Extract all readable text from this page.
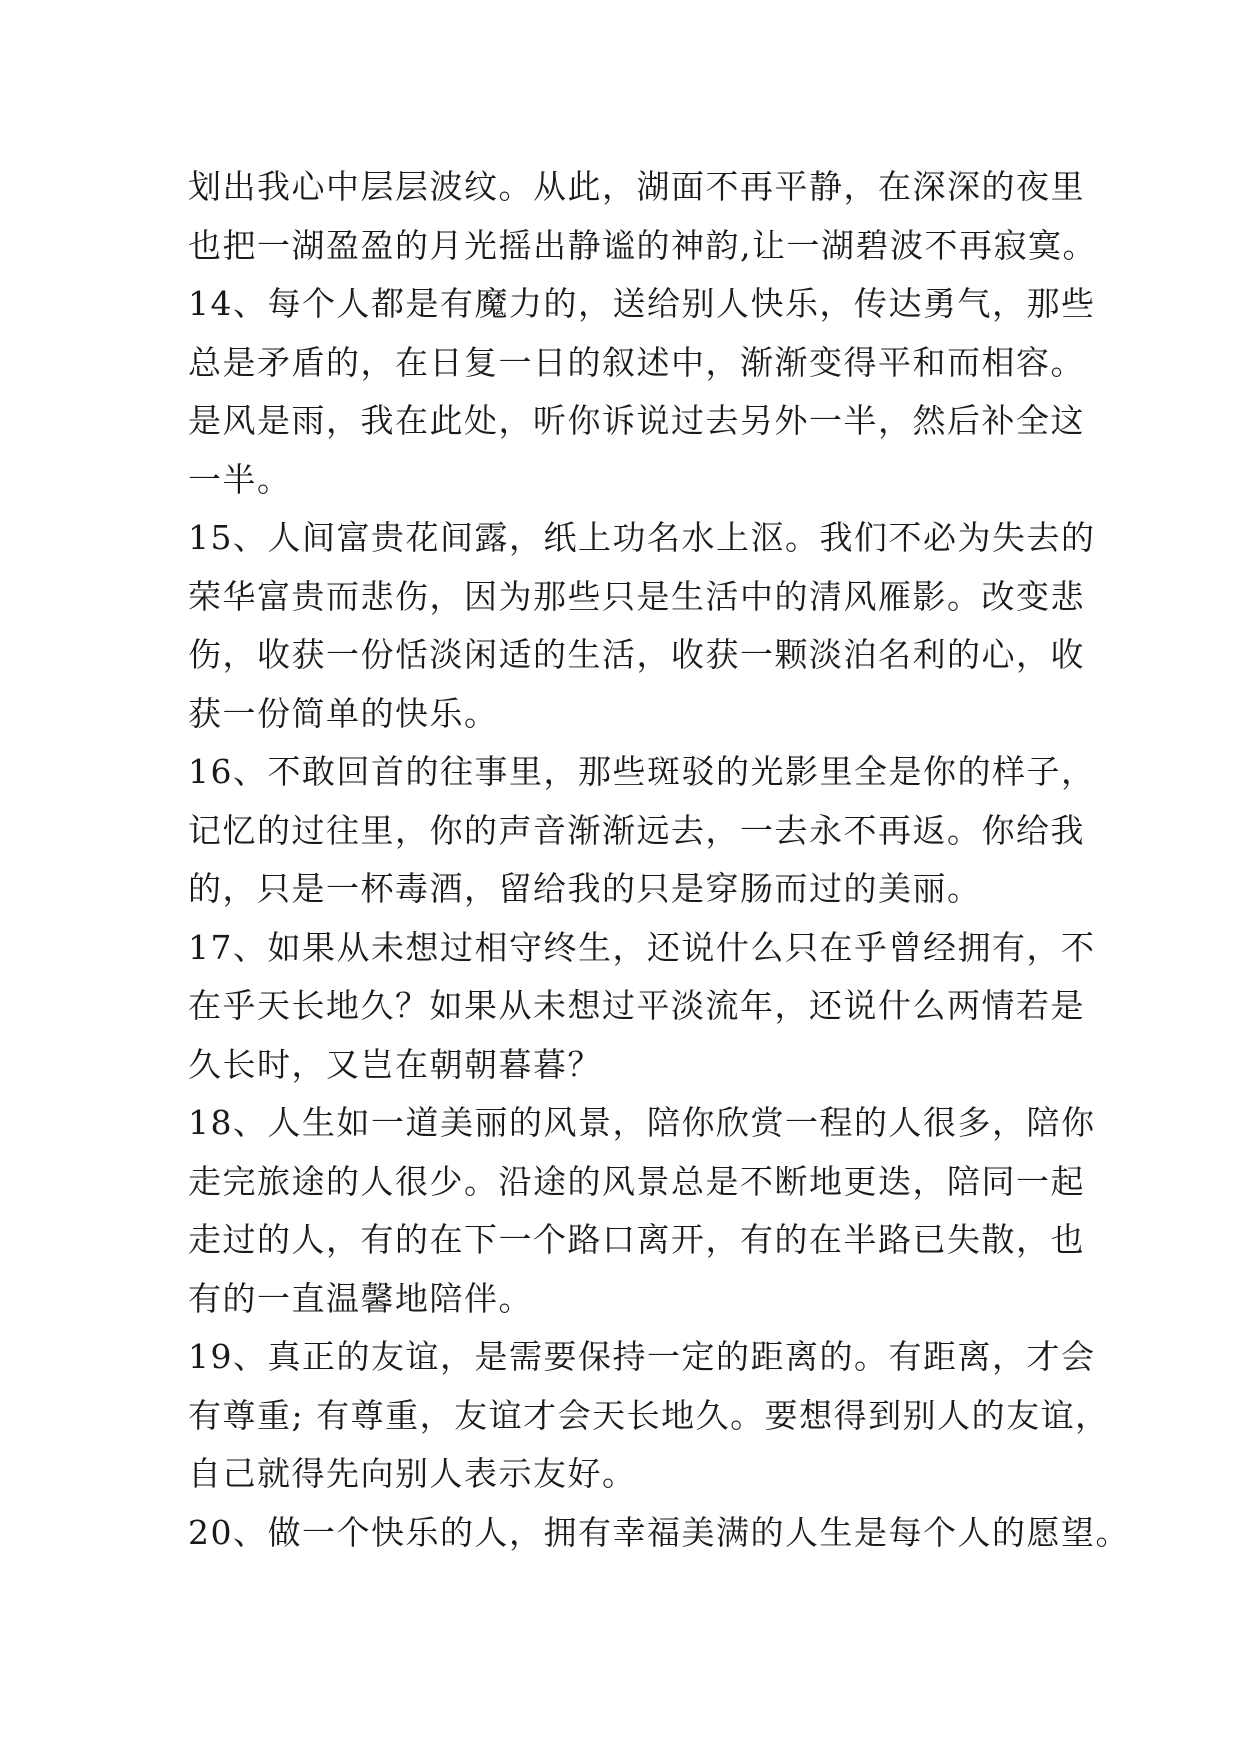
划出我心中层层波纹。从此，湖面不再平静，在深深的夜里
也把一湖盈盈的月光摇出静谧的神韵,让一湖碧波不再寂寞。
14、每个人都是有魔力的，送给别人快乐，传达勇气，那些
总是矛盾的，在日复一日的叙述中，渐渐变得平和而相容。
是风是雨，我在此处，听你诉说过去另外一半，然后补全这
一半。
15、人间富贵花间露，纸上功名水上沤。我们不必为失去的
荣华富贵而悲伤，因为那些只是生活中的清风雁影。改变悲
伤，收获一份恬淡闲适的生活，收获一颗淡泊名利的心，收
获一份简单的快乐。
16、不敢回首的往事里，那些斑驳的光影里全是你的样子，
记忆的过往里，你的声音渐渐远去，一去永不再返。你给我
的，只是一杯毒酒，留给我的只是穿肠而过的美丽。
17、如果从未想过相守终生，还说什么只在乎曾经拥有，不
在乎天长地久？如果从未想过平淡流年，还说什么两情若是
久长时，又岂在朝朝暮暮？
18、人生如一道美丽的风景，陪你欣赏一程的人很多，陪你
走完旅途的人很少。沿途的风景总是不断地更迭，陪同一起
走过的人，有的在下一个路口离开，有的在半路已失散，也
有的一直温馨地陪伴。
19、真正的友谊，是需要保持一定的距离的。有距离，才会
有尊重; 有尊重，友谊才会天长地久。要想得到别人的友谊，
自己就得先向别人表示友好。
20、做一个快乐的人，拥有幸福美满的人生是每个人的愿望。
